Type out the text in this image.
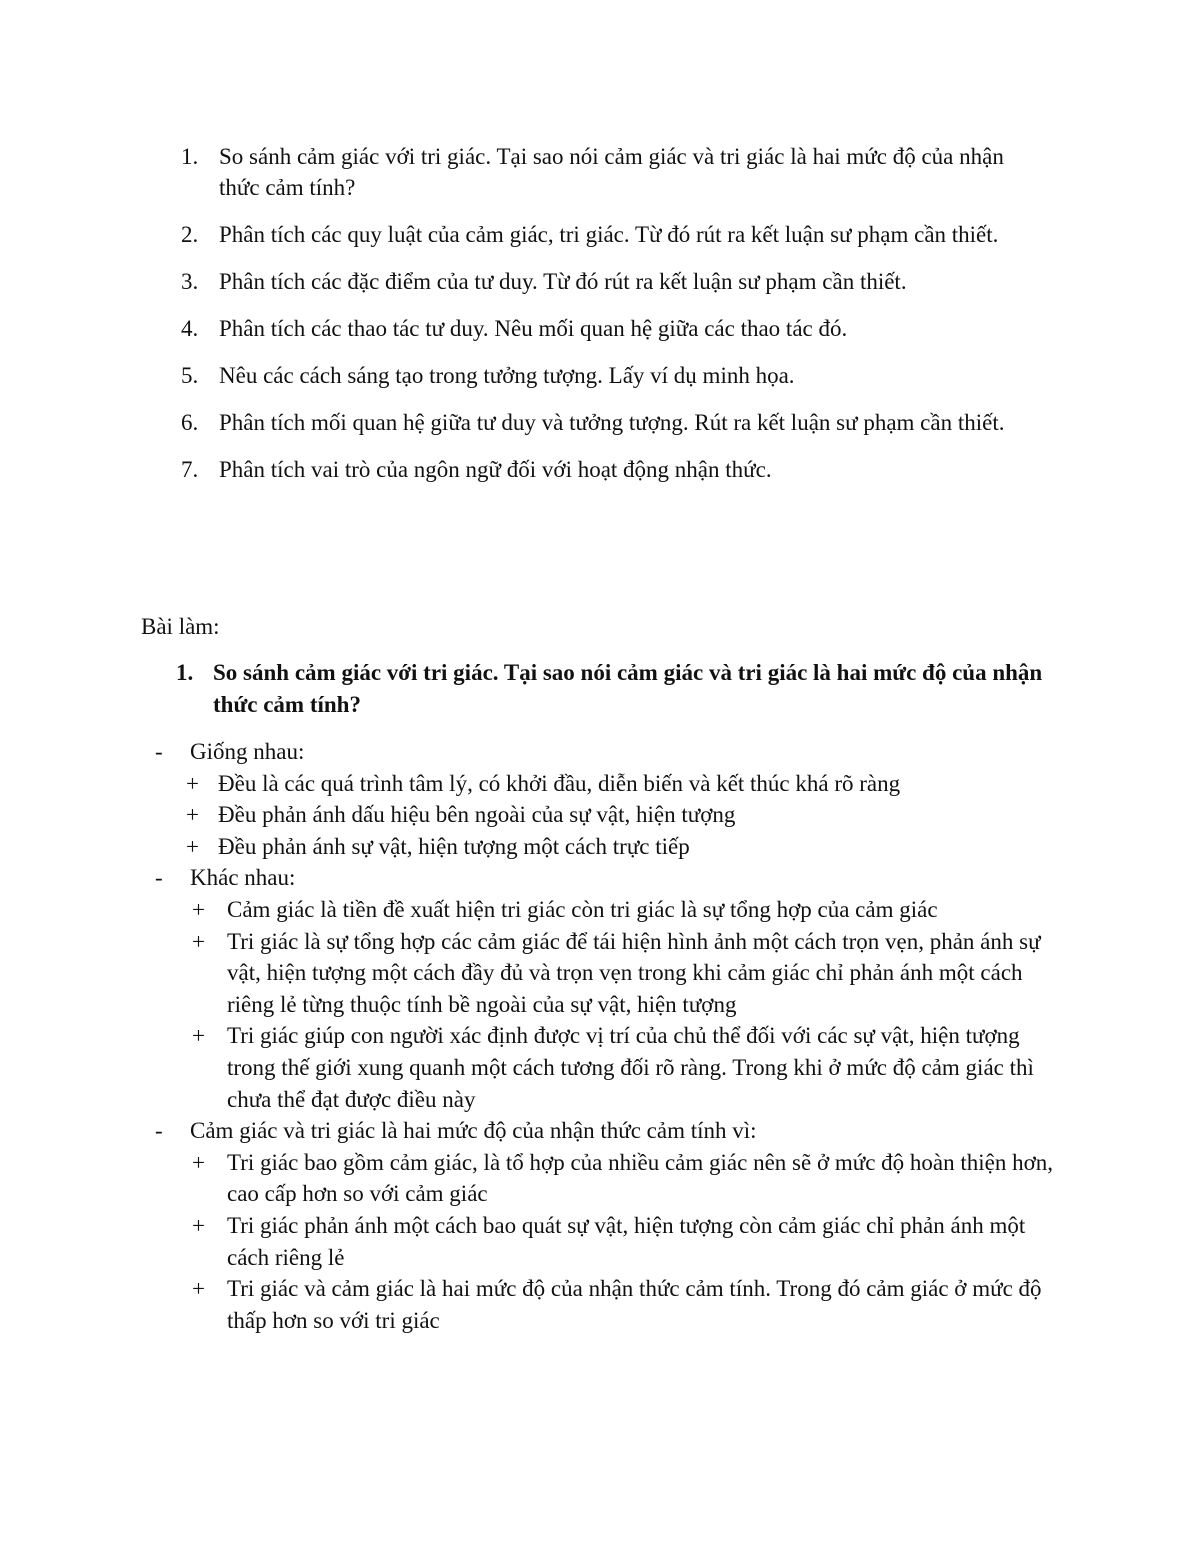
1. So sánh cảm giác với tri giác. Tại sao nói cảm giác và tri giác là hai mức độ của nhận thức cảm tính?
2. Phân tích các quy luật của cảm giác, tri giác. Từ đó rút ra kết luận sư phạm cần thiết.
3. Phân tích các đặc điểm của tư duy. Từ đó rút ra kết luận sư phạm cần thiết.
4. Phân tích các thao tác tư duy. Nêu mối quan hệ giữa các thao tác đó.
5. Nêu các cách sáng tạo trong tưởng tượng. Lấy ví dụ minh họa.
6. Phân tích mối quan hệ giữa tư duy và tưởng tượng. Rút ra kết luận sư phạm cần thiết.
7. Phân tích vai trò của ngôn ngữ đối với hoạt động nhận thức.
Bài làm:
1. So sánh cảm giác với tri giác. Tại sao nói cảm giác và tri giác là hai mức độ của nhận thức cảm tính?
- Giống nhau:
+ Đều là các quá trình tâm lý, có khởi đầu, diễn biến và kết thúc khá rõ ràng
+ Đều phản ánh dấu hiệu bên ngoài của sự vật, hiện tượng
+ Đều phản ánh sự vật, hiện tượng một cách trực tiếp
- Khác nhau:
+ Cảm giác là tiền đề xuất hiện tri giác còn tri giác là sự tổng hợp của cảm giác
+ Tri giác là sự tổng hợp các cảm giác để tái hiện hình ảnh một cách trọn vẹn, phản ánh sự vật, hiện tượng một cách đầy đủ và trọn vẹn trong khi cảm giác chỉ phản ánh một cách riêng lẻ từng thuộc tính bề ngoài của sự vật, hiện tượng
+ Tri giác giúp con người xác định được vị trí của chủ thể đối với các sự vật, hiện tượng trong thế giới xung quanh một cách tương đối rõ ràng. Trong khi ở mức độ cảm giác thì chưa thể đạt được điều này
- Cảm giác và tri giác là hai mức độ của nhận thức cảm tính vì:
+ Tri giác bao gồm cảm giác, là tổ hợp của nhiều cảm giác nên sẽ ở mức độ hoàn thiện hơn, cao cấp hơn so với cảm giác
+ Tri giác phản ánh một cách bao quát sự vật, hiện tượng còn cảm giác chỉ phản ánh một cách riêng lẻ
+ Tri giác và cảm giác là hai mức độ của nhận thức cảm tính. Trong đó cảm giác ở mức độ thấp hơn so với tri giác
